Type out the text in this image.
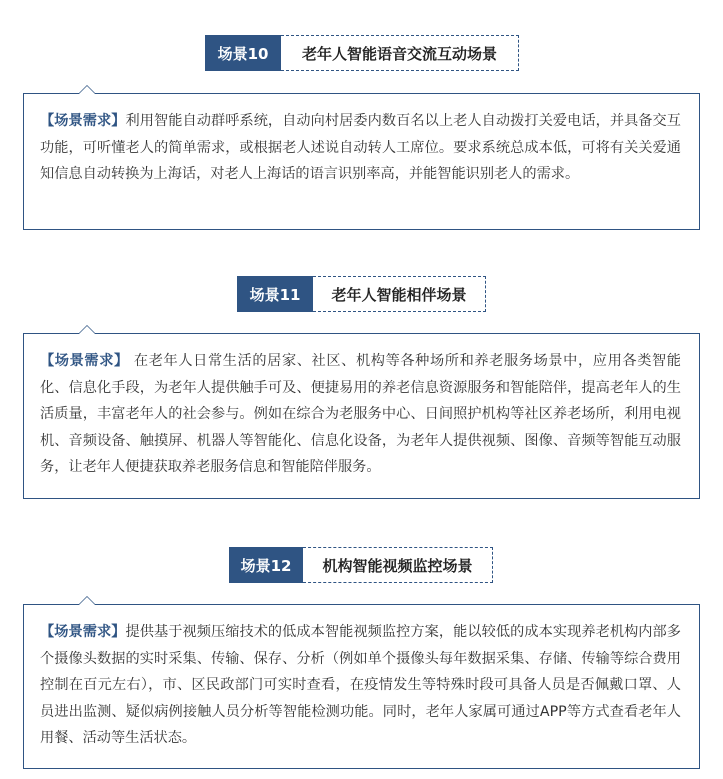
场景10	老年人智能语音交流互动场景
【场景需求】利用智能自动群呼系统，自动向村居委内数百名以上老人自动拨打关爱电话，并具备交互功能，可听懂老人的简单需求，或根据老人述说自动转人工席位。要求系统总成本低，可将有关关爱通知信息自动转换为上海话，对老人上海话的语言识别率高，并能智能识别老人的需求。
场景11	老年人智能相伴场景
【场景需求】 在老年人日常生活的居家、社区、机构等各种场所和养老服务场景中，应用各类智能化、信息化手段，为老年人提供触手可及、便捷易用的养老信息资源服务和智能陪伴，提高老年人的生活质量，丰富老年人的社会参与。例如在综合为老服务中心、日间照护机构等社区养老场所，利用电视机、音频设备、触摸屏、机器人等智能化、信息化设备，为老年人提供视频、图像、音频等智能互动服务，让老年人便捷获取养老服务信息和智能陪伴服务。
场景12	机构智能视频监控场景
【场景需求】提供基于视频压缩技术的低成本智能视频监控方案，能以较低的成本实现养老机构内部多个摄像头数据的实时采集、传输、保存、分析（例如单个摄像头每年数据采集、存储、传输等综合费用控制在百元左右），市、区民政部门可实时查看，在疫情发生等特殊时段可具备人员是否佩戴口罩、人员进出监测、疑似病例接触人员分析等智能检测功能。同时，老年人家属可通过APP等方式查看老年人用餐、活动等生活状态。
